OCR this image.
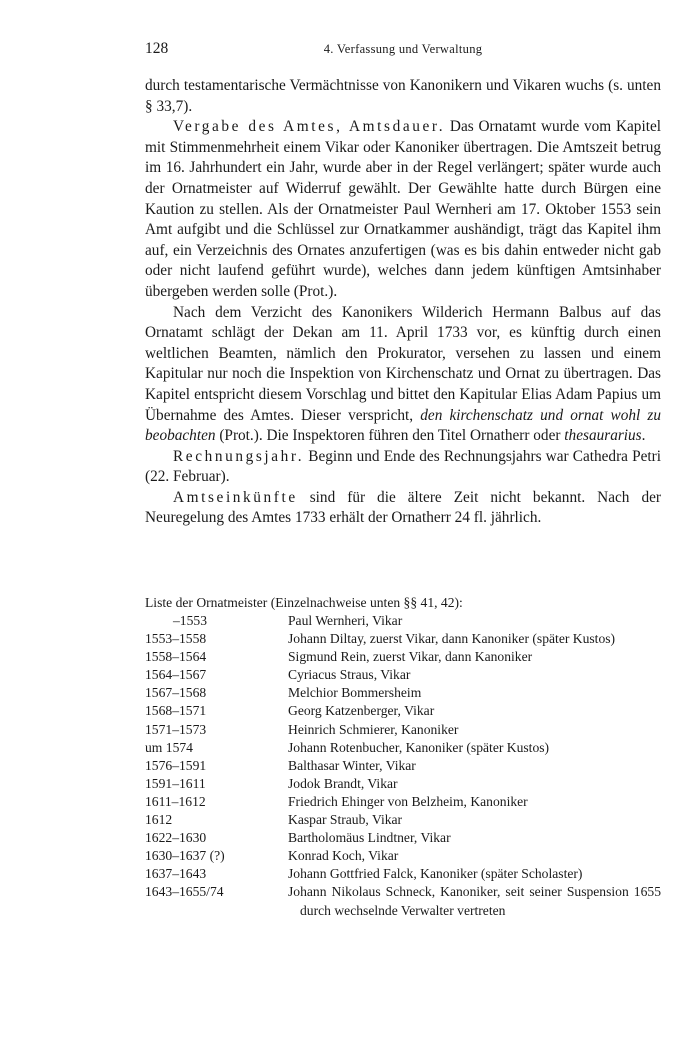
128	4. Verfassung und Verwaltung

durch testamentarische Vermächtnisse von Kanonikern und Vikaren wuchs (s. unten § 33,7).

Vergabe des Amtes, Amtsdauer. Das Ornatamt wurde vom Kapitel mit Stimmenmehrheit einem Vikar oder Kanoniker übertragen. Die Amtszeit betrug im 16. Jahrhundert ein Jahr, wurde aber in der Regel verlängert; später wurde auch der Ornatmeister auf Widerruf gewählt. Der Gewählte hatte durch Bürgen eine Kaution zu stellen. Als der Ornatmeister Paul Wernheri am 17. Oktober 1553 sein Amt aufgibt und die Schlüssel zur Ornatkammer aushändigt, trägt das Kapitel ihm auf, ein Verzeichnis des Ornates anzufertigen (was es bis dahin entweder nicht gab oder nicht laufend geführt wurde), welches dann jedem künftigen Amtsinhaber übergeben werden solle (Prot.).

Nach dem Verzicht des Kanonikers Wilderich Hermann Balbus auf das Ornatamt schlägt der Dekan am 11. April 1733 vor, es künftig durch einen weltlichen Beamten, nämlich den Prokurator, versehen zu lassen und einem Kapitular nur noch die Inspektion von Kirchenschatz und Ornat zu übertragen. Das Kapitel entspricht diesem Vorschlag und bittet den Kapitular Elias Adam Papius um Übernahme des Amtes. Dieser verspricht, den kirchenschatz und ornat wohl zu beobachten (Prot.). Die Inspektoren führen den Titel Ornatherr oder thesaurarius.

Rechnungsjahr. Beginn und Ende des Rechnungsjahrs war Cathedra Petri (22. Februar).

Amtseinkünfte sind für die ältere Zeit nicht bekannt. Nach der Neuregelung des Amtes 1733 erhält der Ornatherr 24 fl. jährlich.

Liste der Ornatmeister (Einzelnachweise unten §§ 41, 42):
–1553	Paul Wernheri, Vikar
1553–1558	Johann Diltay, zuerst Vikar, dann Kanoniker (später Kustos)
1558–1564	Sigmund Rein, zuerst Vikar, dann Kanoniker
1564–1567	Cyriacus Straus, Vikar
1567–1568	Melchior Bommersheim
1568–1571	Georg Katzenberger, Vikar
1571–1573	Heinrich Schmierer, Kanoniker
um 1574	Johann Rotenbucher, Kanoniker (später Kustos)
1576–1591	Balthasar Winter, Vikar
1591–1611	Jodok Brandt, Vikar
1611–1612	Friedrich Ehinger von Belzheim, Kanoniker
1612	Kaspar Straub, Vikar
1622–1630	Bartholomäus Lindtner, Vikar
1630–1637 (?)	Konrad Koch, Vikar
1637–1643	Johann Gottfried Falck, Kanoniker (später Scholaster)
1643–1655/74	Johann Nikolaus Schneck, Kanoniker, seit seiner Suspension 1655 durch wechselnde Verwalter vertreten
